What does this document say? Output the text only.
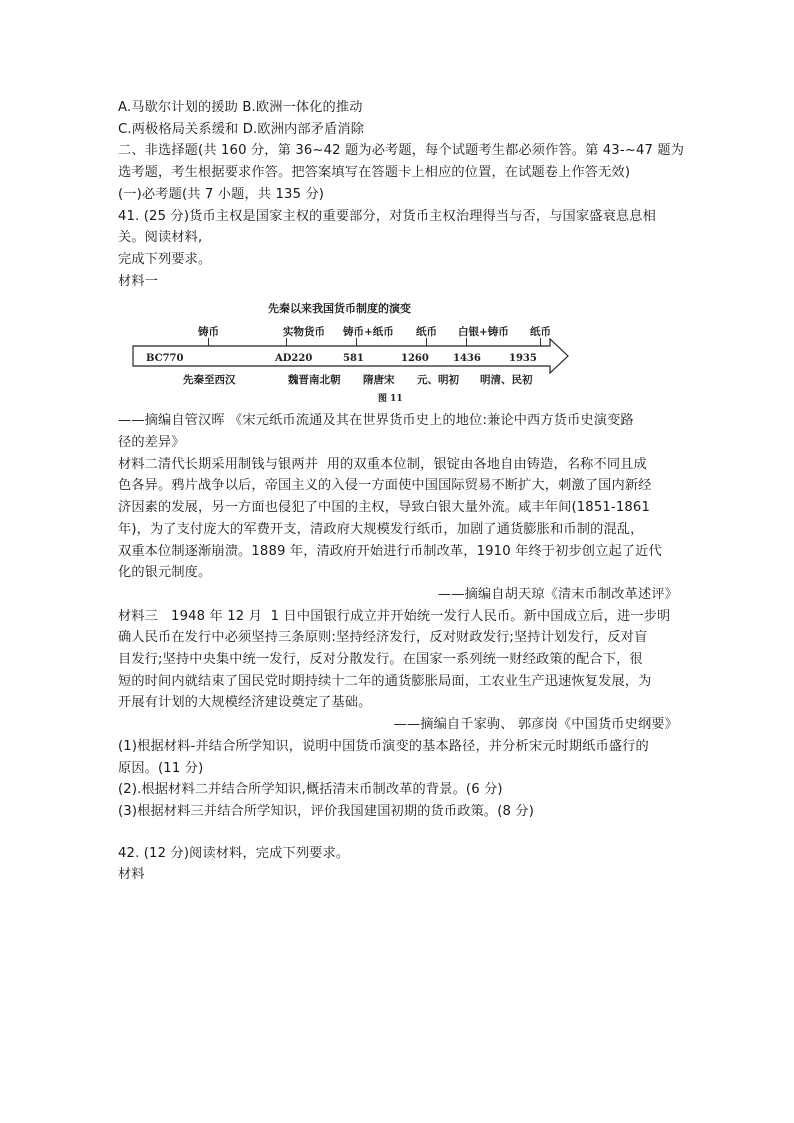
A.马歇尔计划的援助 B.欧洲一体化的推动
C.两极格局关系缓和 D.欧洲内部矛盾消除
二、非选择题(共 160 分，第 36~42 题为必考题，每个试题考生都必须作答。第 43-~47 题为
选考题，考生根据要求作答。把答案填写在答题卡上相应的位置，在试题卷上作答无效)
(一)必考题(共 7 小题，共 135 分)
41. (25 分)货币主权是国家主权的重要部分，对货币主权治理得当与否，与国家盛衰息息相
关。阅读材料,
完成下列要求。
材料一
先秦以来我国货币制度的演变
铸币	实物货币 铸币+纸币 纸币 白银+铸币 纸币
BC770	AD220	581	1260 1436	1935
先秦至西汉	魏晋南北朝 隋唐宋 元、明初 明清、民初
图 11
——摘编自管汉晖 《宋元纸币流通及其在世界货币史上的地位:兼论中西方货币史演变路
径的差异》
材料二清代长期采用制钱与银两并  用的双重本位制，银锭由各地自由铸造，名称不同且成
色各异。鸦片战争以后，帝国主义的入侵一方面使中国国际贸易不断扩大，刺激了国内新经
济因素的发展，另一方面也侵犯了中国的主权，导致白银大量外流。咸丰年间(1851-1861
年)，为了支付庞大的军费开支，清政府大规模发行纸币，加剧了通货膨胀和币制的混乱，
双重本位制逐渐崩溃。1889 年，清政府开始进行币制改革，1910 年终于初步创立起了近代
化的银元制度。
——摘编自胡天琼《清末币制改革述评》
材料三   1948 年 12 月  1 日中国银行成立并开始统一发行人民币。新中国成立后，进一步明
确人民币在发行中必须坚持三条原则:坚持经济发行，反对财政发行;坚持计划发行，反对盲
目发行;坚持中央集中统一发行，反对分散发行。在国家一系列统一财经政策的配合下，很
短的时间内就结束了国民党时期持续十二年的通货膨胀局面，工农业生产迅速恢复发展，为
开展有计划的大规模经济建设奠定了基础。
——摘编自千家驹、 郭彦岗《中国货币史纲要》
(1)根据材料-并结合所学知识，说明中国货币演变的基本路径，并分析宋元时期纸币盛行的
原因。(11 分)
(2).根据材料二并结合所学知识,概括清末币制改革的背景。(6 分)
(3)根据材料三并结合所学知识，评价我国建国初期的货币政策。(8 分)
42. (12 分)阅读材料，完成下列要求。
材料
